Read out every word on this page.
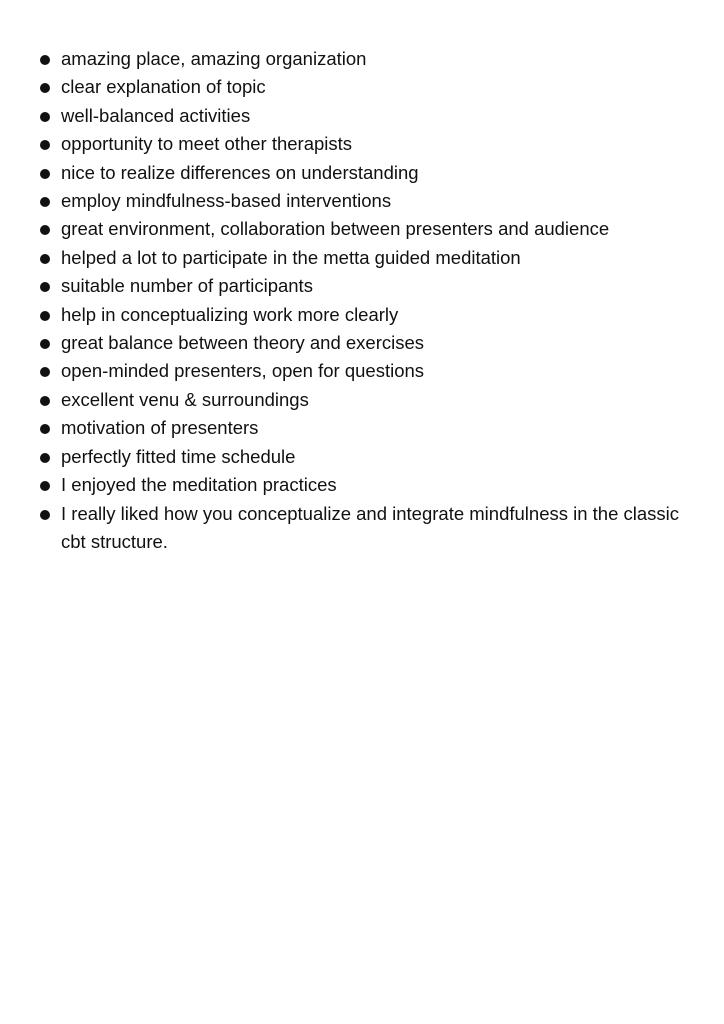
amazing place, amazing organization
clear explanation of topic
well-balanced activities
opportunity to meet other therapists
nice to realize differences on understanding
employ mindfulness-based interventions
great environment, collaboration between presenters and audience
helped a lot to participate in the metta guided meditation
suitable number of participants
help in conceptualizing work more clearly
great balance between theory and exercises
open-minded presenters, open for questions
excellent venu & surroundings
motivation of presenters
perfectly fitted time schedule
I enjoyed the meditation practices
I really liked how you conceptualize and integrate mindfulness in the classic cbt structure.
